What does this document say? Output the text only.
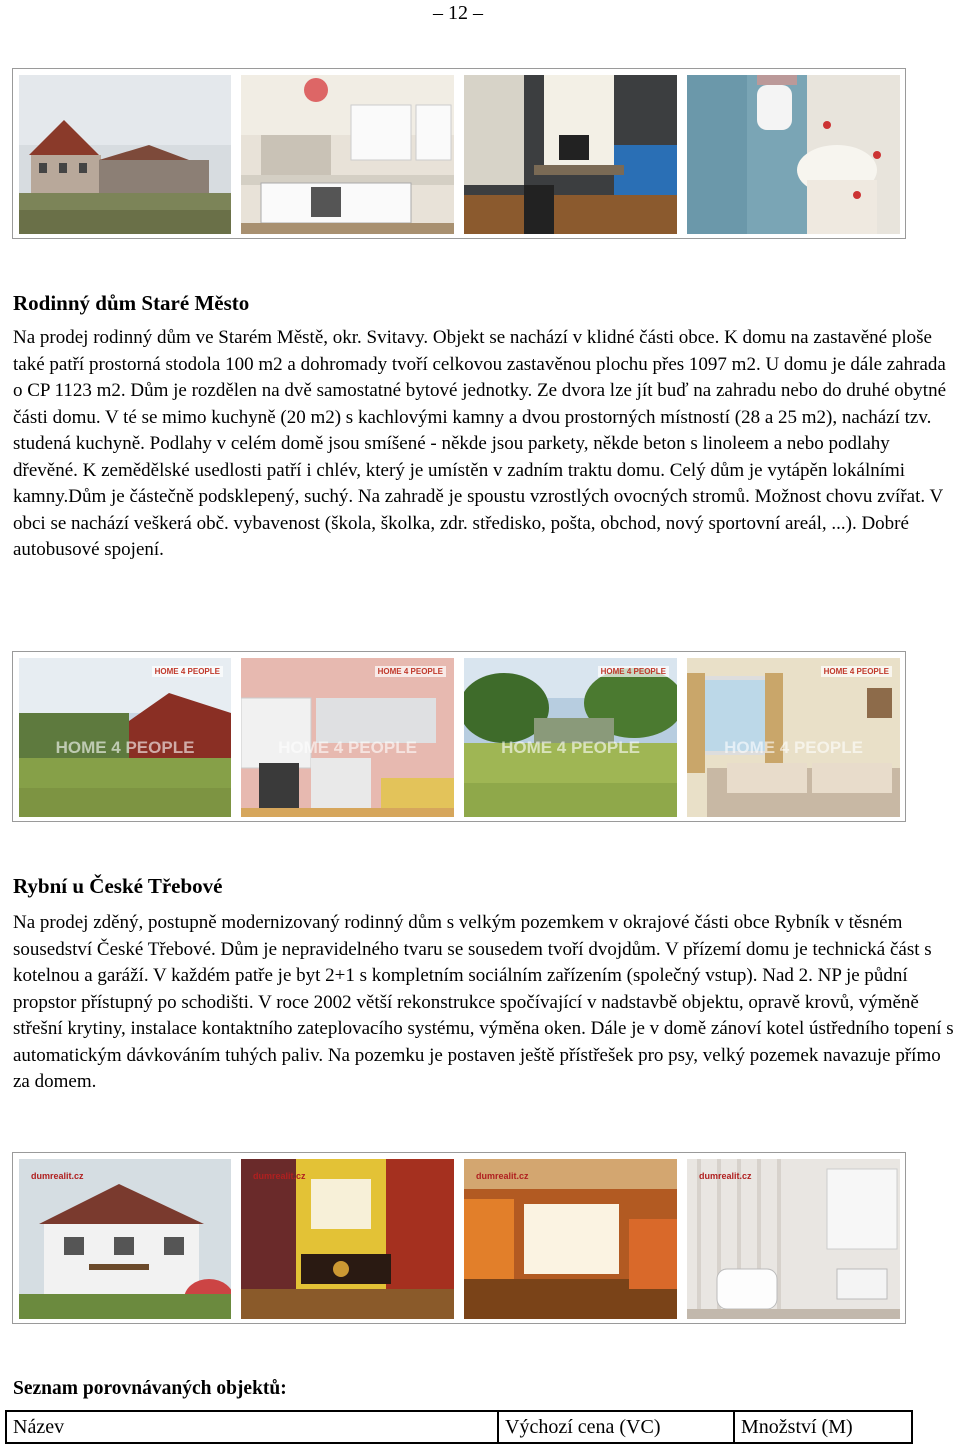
– 12 –
Rodinný dům Staré Město

Na prodej rodinný dům ve Starém Městě, okr. Svitavy. Objekt se nachází v klidné části obce. K domu na zastavěné ploše také patří prostorná stodola 100 m2 a dohromady tvoří celkovou zastavěnou plochu přes 1097 m2. U domu je dále zahrada o CP 1123 m2. Dům je rozdělen na dvě samostatné bytové jednotky. Ze dvora lze jít buď na zahradu nebo do druhé obytné části domu. V té se mimo kuchyně (20 m2) s kachlovými kamny a dvou prostorných místností (28 a 25 m2), nachází tzv. studená kuchyně. Podlahy v celém domě jsou smíšené - někde jsou parkety, někde beton s linoleem a nebo podlahy dřevěné. K zemědělské usedlosti patří i chlév, který je umístěn v zadním traktu domu. Celý dům je vytápěn lokálními kamny.Dům je částečně podsklepený, suchý. Na zahradě je spoustu vzrostlých ovocných stromů. Možnost chovu zvířat. V obci se nachází veškerá obč. vybavenost (škola, školka, zdr. středisko, pošta, obchod, nový sportovní areál, ...). Dobré autobusové spojení.

HOME 4 PEOPLE
HOME 4 PEOPLE
HOME 4 PEOPLE
HOME 4 PEOPLE
HOME 4 PEOPLE
HOME 4 PEOPLE
HOME 4 PEOPLE
HOME 4 PEOPLE
Rybní u České Třebové

Na prodej zděný, postupně modernizovaný rodinný dům s velkým pozemkem v okrajové části obce Rybník v těsném sousedství České Třebové. Dům je nepravidelného tvaru se sousedem tvoří dvojdům. V přízemí domu je technická část s kotelnou a garáží. V každém patře je byt 2+1 s kompletním sociálním zařízením (společný vstup). Nad 2. NP je půdní propstor přístupný po schodišti. V roce 2002 větší rekonstrukce spočívající v nadstavbě objektu, opravě krovů, výměně střešní krytiny, instalace kontaktního zateplovacího systému, výměna oken. Dále je v domě zánoví kotel ústředního topení s automatickým dávkováním tuhých paliv. Na pozemku je postaven ještě přístřešek pro psy, velký pozemek navazuje přímo za domem.

dumrealit.cz	dumrealit.cz	dumrealit.cz	dumrealit.cz
Seznam porovnávaných objektů:
Název	Výchozí cena (VC)	Množství (M)
